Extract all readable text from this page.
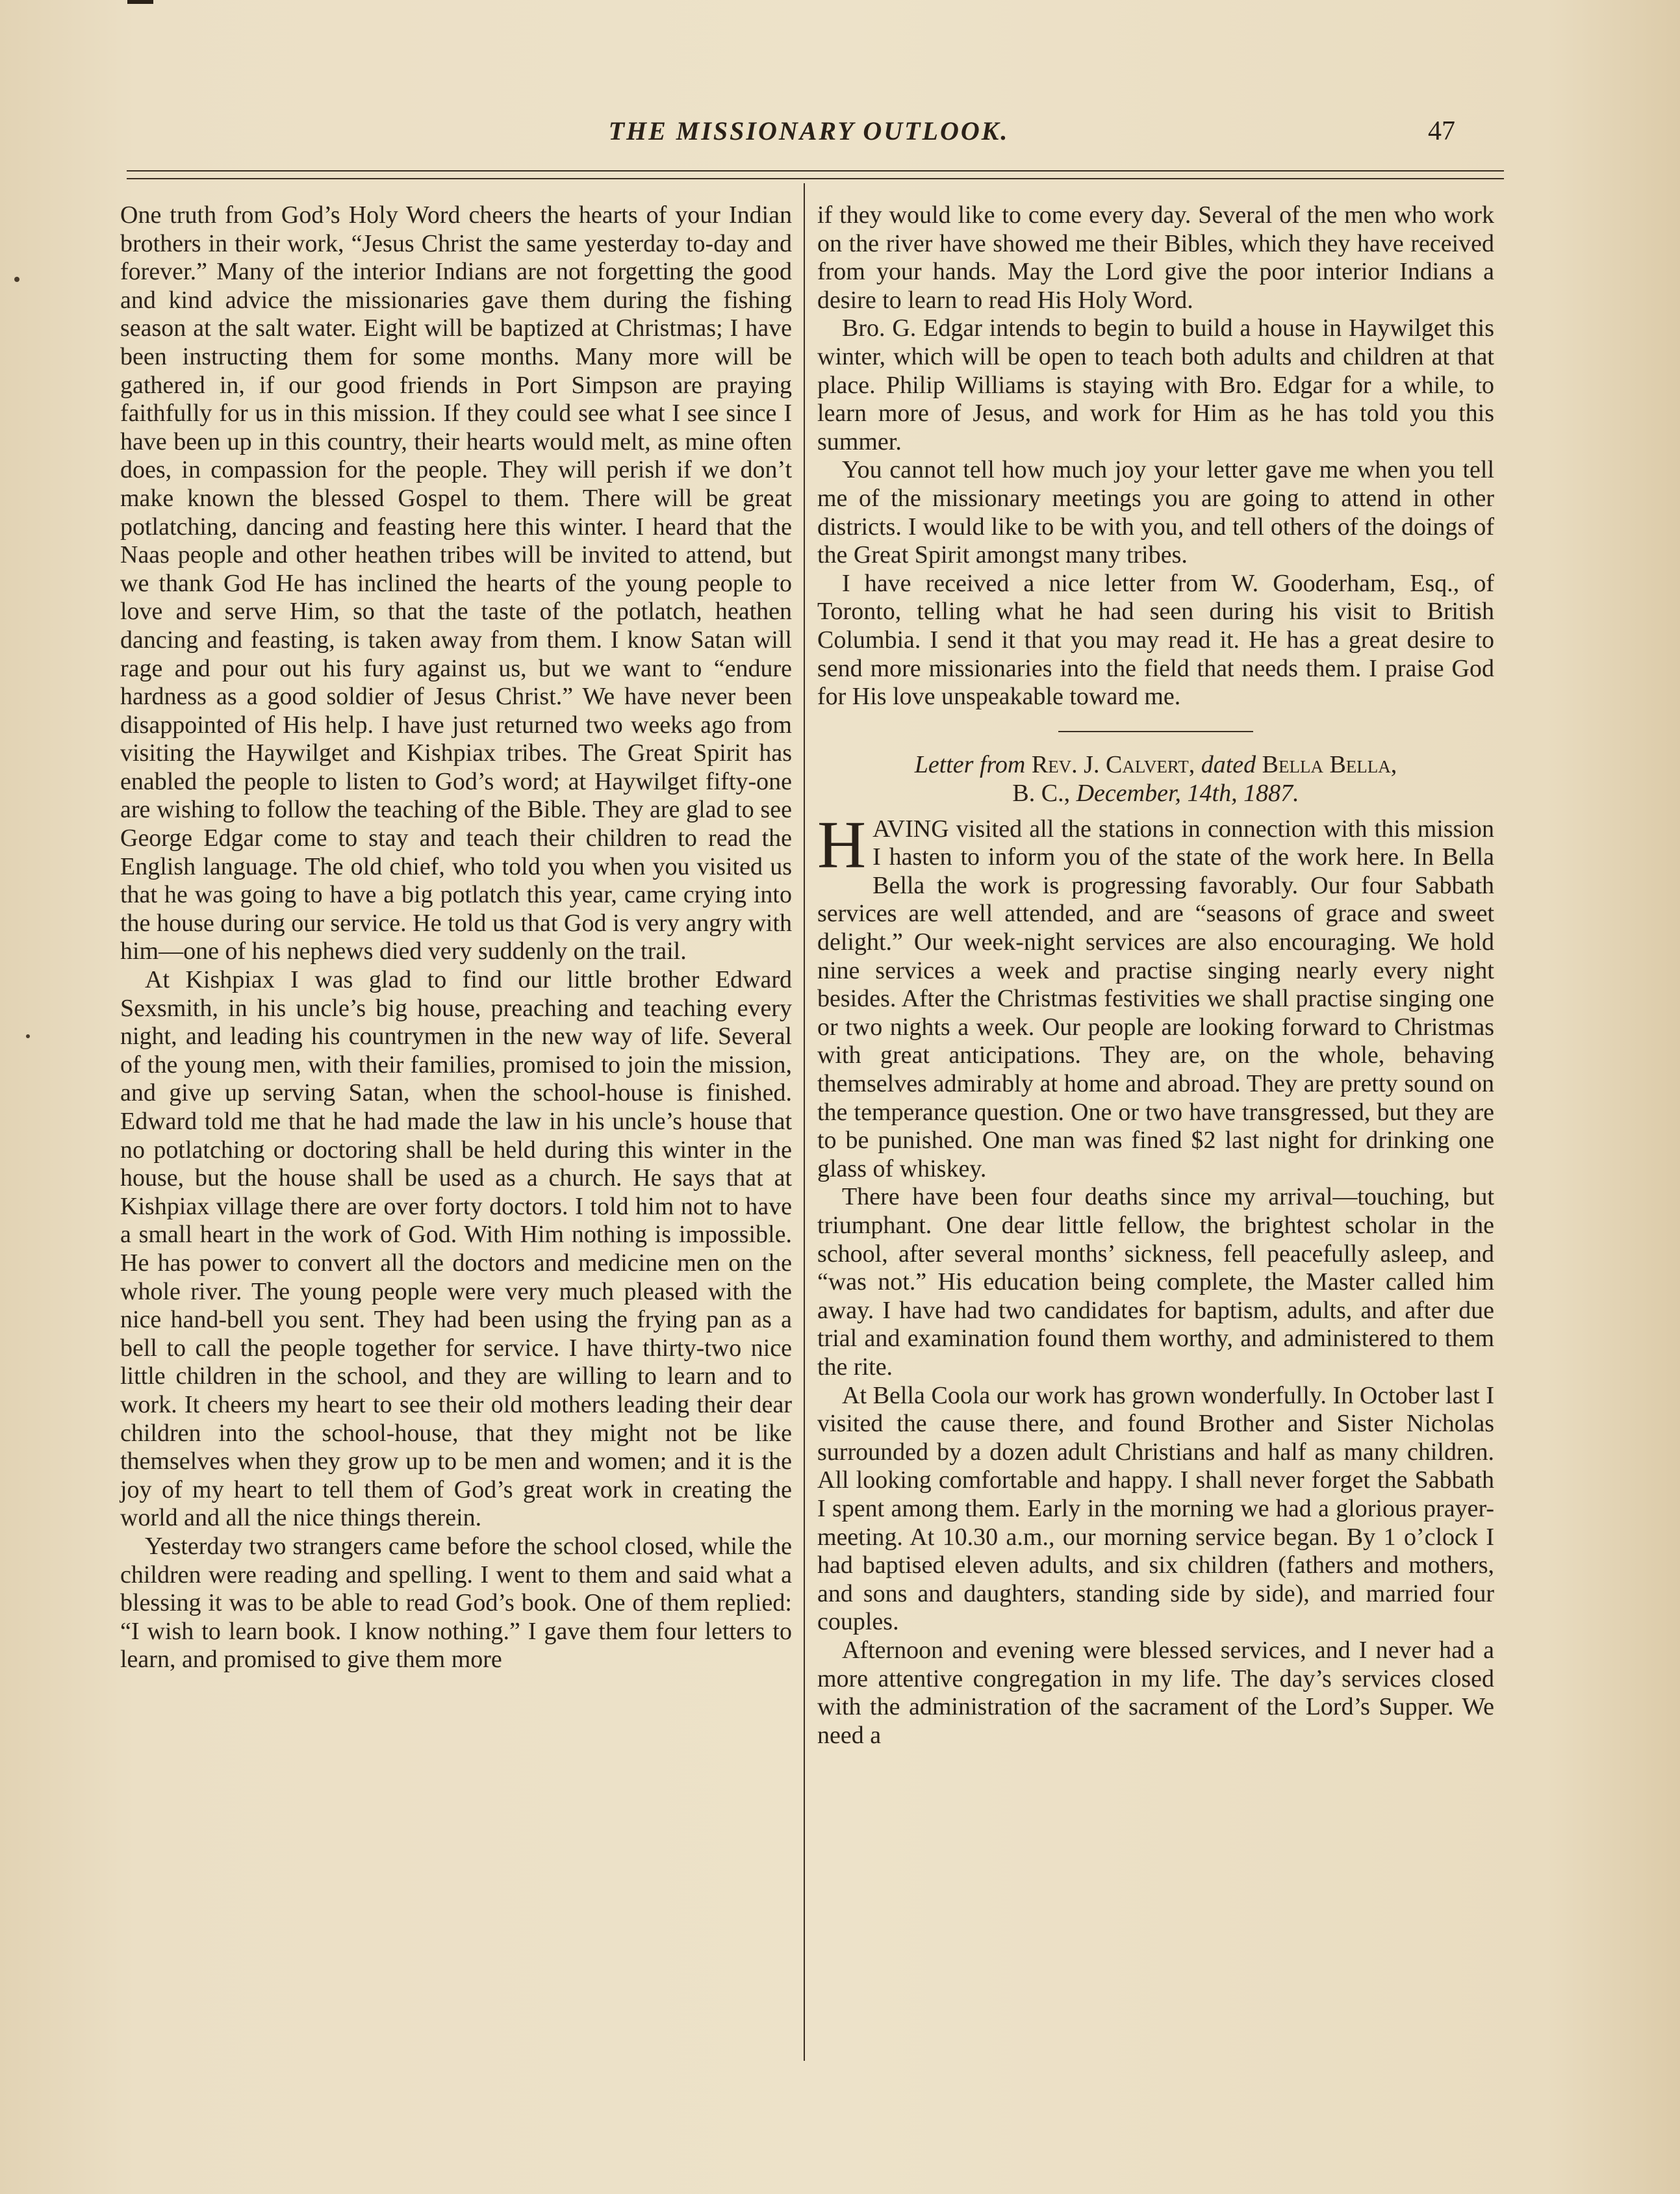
THE MISSIONARY OUTLOOK.	47

One truth from God’s Holy Word cheers the hearts of your Indian brothers in their work, “Jesus Christ the same yesterday to-day and forever.” Many of the interior Indians are not forgetting the good and kind advice the missionaries gave them during the fishing season at the salt water. Eight will be baptized at Christmas; I have been instructing them for some months. Many more will be gathered in, if our good friends in Port Simpson are praying faithfully for us in this mission. If they could see what I see since I have been up in this country, their hearts would melt, as mine often does, in compassion for the people. They will perish if we don’t make known the blessed Gospel to them. There will be great potlatching, dancing and feasting here this winter. I heard that the Naas people and other heathen tribes will be invited to attend, but we thank God He has inclined the hearts of the young people to love and serve Him, so that the taste of the potlatch, heathen dancing and feasting, is taken away from them. I know Satan will rage and pour out his fury against us, but we want to “endure hardness as a good soldier of Jesus Christ.” We have never been disappointed of His help. I have just returned two weeks ago from visiting the Haywilget and Kishpiax tribes. The Great Spirit has enabled the people to listen to God’s word; at Haywilget fifty-one are wishing to follow the teaching of the Bible. They are glad to see George Edgar come to stay and teach their children to read the English language. The old chief, who told you when you visited us that he was going to have a big potlatch this year, came crying into the house during our service. He told us that God is very angry with him—one of his nephews died very suddenly on the trail.

At Kishpiax I was glad to find our little brother Edward Sexsmith, in his uncle’s big house, preaching and teaching every night, and leading his countrymen in the new way of life. Several of the young men, with their families, promised to join the mission, and give up serving Satan, when the school-house is finished. Edward told me that he had made the law in his uncle’s house that no potlatching or doctoring shall be held during this winter in the house, but the house shall be used as a church. He says that at Kishpiax village there are over forty doctors. I told him not to have a small heart in the work of God. With Him nothing is impossible. He has power to convert all the doctors and medicine men on the whole river. The young people were very much pleased with the nice hand-bell you sent. They had been using the frying pan as a bell to call the people together for service. I have thirty-two nice little children in the school, and they are willing to learn and to work. It cheers my heart to see their old mothers leading their dear children into the school-house, that they might not be like themselves when they grow up to be men and women; and it is the joy of my heart to tell them of God’s great work in creating the world and all the nice things therein.

Yesterday two strangers came before the school closed, while the children were reading and spelling. I went to them and said what a blessing it was to be able to read God’s book. One of them replied: “I wish to learn book. I know nothing.” I gave them four letters to learn, and promised to give them more

if they would like to come every day. Several of the men who work on the river have showed me their Bibles, which they have received from your hands. May the Lord give the poor interior Indians a desire to learn to read His Holy Word.

Bro. G. Edgar intends to begin to build a house in Haywilget this winter, which will be open to teach both adults and children at that place. Philip Williams is staying with Bro. Edgar for a while, to learn more of Jesus, and work for Him as he has told you this summer.

You cannot tell how much joy your letter gave me when you tell me of the missionary meetings you are going to attend in other districts. I would like to be with you, and tell others of the doings of the Great Spirit amongst many tribes.

I have received a nice letter from W. Gooderham, Esq., of Toronto, telling what he had seen during his visit to British Columbia. I send it that you may read it. He has a great desire to send more missionaries into the field that needs them. I praise God for His love unspeakable toward me.

Letter from Rev. J. Calvert, dated Bella Bella,
B. C., December, 14th, 1887.

HAVING visited all the stations in connection with this mission I hasten to inform you of the state of the work here. In Bella Bella the work is progressing favorably. Our four Sabbath services are well attended, and are “seasons of grace and sweet delight.” Our week-night services are also encouraging. We hold nine services a week and practise singing nearly every night besides. After the Christmas festivities we shall practise singing one or two nights a week. Our people are looking forward to Christmas with great anticipations. They are, on the whole, behaving themselves admirably at home and abroad. They are pretty sound on the temperance question. One or two have transgressed, but they are to be punished. One man was fined $2 last night for drinking one glass of whiskey.

There have been four deaths since my arrival—touching, but triumphant. One dear little fellow, the brightest scholar in the school, after several months’ sickness, fell peacefully asleep, and “was not.” His education being complete, the Master called him away. I have had two candidates for baptism, adults, and after due trial and examination found them worthy, and administered to them the rite.

At Bella Coola our work has grown wonderfully. In October last I visited the cause there, and found Brother and Sister Nicholas surrounded by a dozen adult Christians and half as many children. All looking comfortable and happy. I shall never forget the Sabbath I spent among them. Early in the morning we had a glorious prayer-meeting. At 10.30 a.m., our morning service began. By 1 o’clock I had baptised eleven adults, and six children (fathers and mothers, and sons and daughters, standing side by side), and married four couples.

Afternoon and evening were blessed services, and I never had a more attentive congregation in my life. The day’s services closed with the administration of the sacrament of the Lord’s Supper. We need a
